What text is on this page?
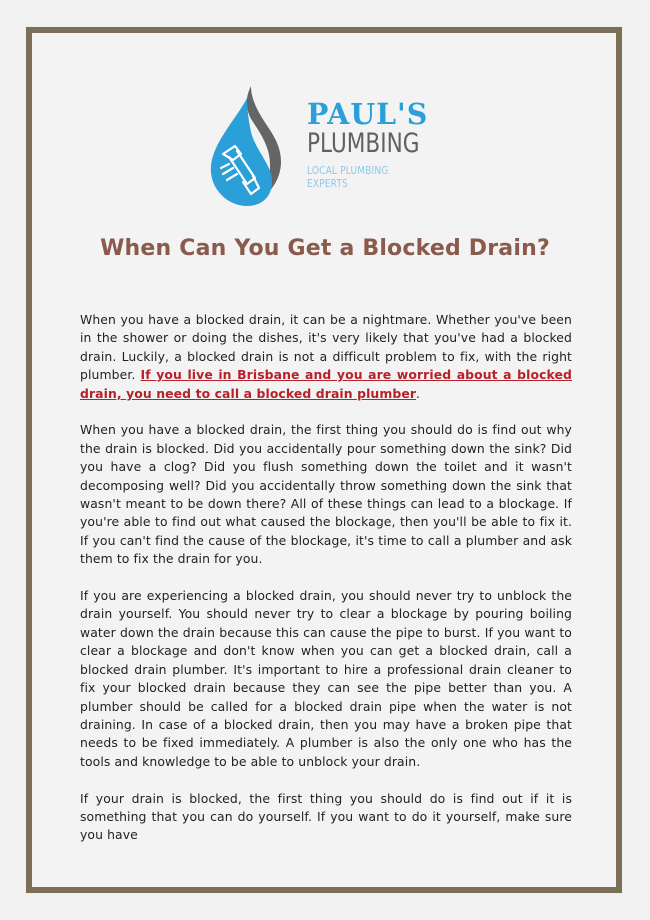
PAUL'S
PLUMBING
LOCAL PLUMBING EXPERTS
When Can You Get a Blocked Drain?

When you have a blocked drain, it can be a nightmare. Whether you've been in the shower or doing the dishes, it's very likely that you've had a blocked drain. Luckily, a blocked drain is not a difficult problem to fix, with the right plumber. If you live in Brisbane and you are worried about a blocked drain, you need to call a blocked drain plumber.

When you have a blocked drain, the first thing you should do is find out why the drain is blocked. Did you accidentally pour something down the sink? Did you have a clog? Did you flush something down the toilet and it wasn't decomposing well? Did you accidentally throw something down the sink that wasn't meant to be down there? All of these things can lead to a blockage. If you're able to find out what caused the blockage, then you'll be able to fix it. If you can't find the cause of the blockage, it's time to call a plumber and ask them to fix the drain for you.

If you are experiencing a blocked drain, you should never try to unblock the drain yourself. You should never try to clear a blockage by pouring boiling water down the drain because this can cause the pipe to burst. If you want to clear a blockage and don't know when you can get a blocked drain, call a blocked drain plumber. It's important to hire a professional drain cleaner to fix your blocked drain because they can see the pipe better than you. A plumber should be called for a blocked drain pipe when the water is not draining. In case of a blocked drain, then you may have a broken pipe that needs to be fixed immediately. A plumber is also the only one who has the tools and knowledge to be able to unblock your drain.

If your drain is blocked, the first thing you should do is find out if it is something that you can do yourself. If you want to do it yourself, make sure you have
